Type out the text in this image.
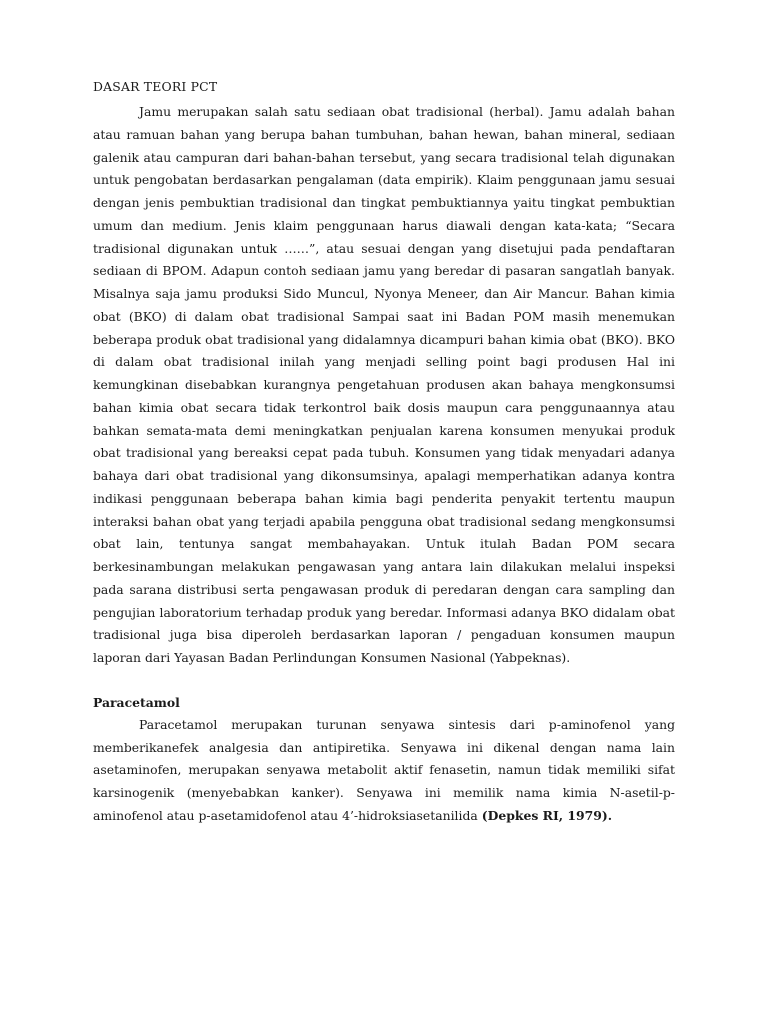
DASAR TEORI PCT

Jamu merupakan salah satu sediaan obat tradisional (herbal). Jamu adalah bahan atau ramuan bahan yang berupa bahan tumbuhan, bahan hewan, bahan mineral, sediaan galenik atau campuran dari bahan-bahan tersebut, yang secara tradisional telah digunakan untuk pengobatan berdasarkan pengalaman (data empirik). Klaim penggunaan jamu sesuai dengan jenis pembuktian tradisional dan tingkat pembuktiannya yaitu tingkat pembuktian umum dan medium. Jenis klaim penggunaan harus diawali dengan kata-kata; “Secara tradisional digunakan untuk ……”, atau sesuai dengan yang disetujui pada pendaftaran sediaan di BPOM. Adapun contoh sediaan jamu yang beredar di pasaran sangatlah banyak. Misalnya saja jamu produksi Sido Muncul, Nyonya Meneer, dan Air Mancur. Bahan kimia obat (BKO) di dalam obat tradisional Sampai saat ini Badan POM masih menemukan beberapa produk obat tradisional yang didalamnya dicampuri bahan kimia obat (BKO). BKO di dalam obat tradisional inilah yang menjadi selling point bagi produsen Hal ini kemungkinan disebabkan kurangnya pengetahuan produsen akan bahaya mengkonsumsi bahan kimia obat secara tidak terkontrol baik dosis maupun cara penggunaannya atau bahkan semata-mata demi meningkatkan penjualan karena konsumen menyukai produk obat tradisional yang bereaksi cepat pada tubuh. Konsumen yang tidak menyadari adanya bahaya dari obat tradisional yang dikonsumsinya, apalagi memperhatikan adanya kontra indikasi penggunaan beberapa bahan kimia bagi penderita penyakit tertentu maupun interaksi bahan obat yang terjadi apabila pengguna obat tradisional sedang mengkonsumsi obat lain, tentunya sangat membahayakan. Untuk itulah Badan POM secara berkesinambungan melakukan pengawasan yang antara lain dilakukan melalui inspeksi pada sarana distribusi serta pengawasan produk di peredaran dengan cara sampling dan pengujian laboratorium terhadap produk yang beredar. Informasi adanya BKO didalam obat tradisional juga bisa diperoleh berdasarkan laporan / pengaduan konsumen maupun laporan dari Yayasan Badan Perlindungan Konsumen Nasional (Yabpeknas).

Paracetamol

Paracetamol merupakan turunan senyawa sintesis dari p-aminofenol yang memberikanefek analgesia dan antipiretika. Senyawa ini dikenal dengan nama lain asetaminofen, merupakan senyawa metabolit aktif fenasetin, namun tidak memiliki sifat karsinogenik (menyebabkan kanker). Senyawa ini memilik nama kimia N-asetil-p-aminofenol atau p-asetamidofenol atau 4’-hidroksiasetanilida (Depkes RI, 1979).
